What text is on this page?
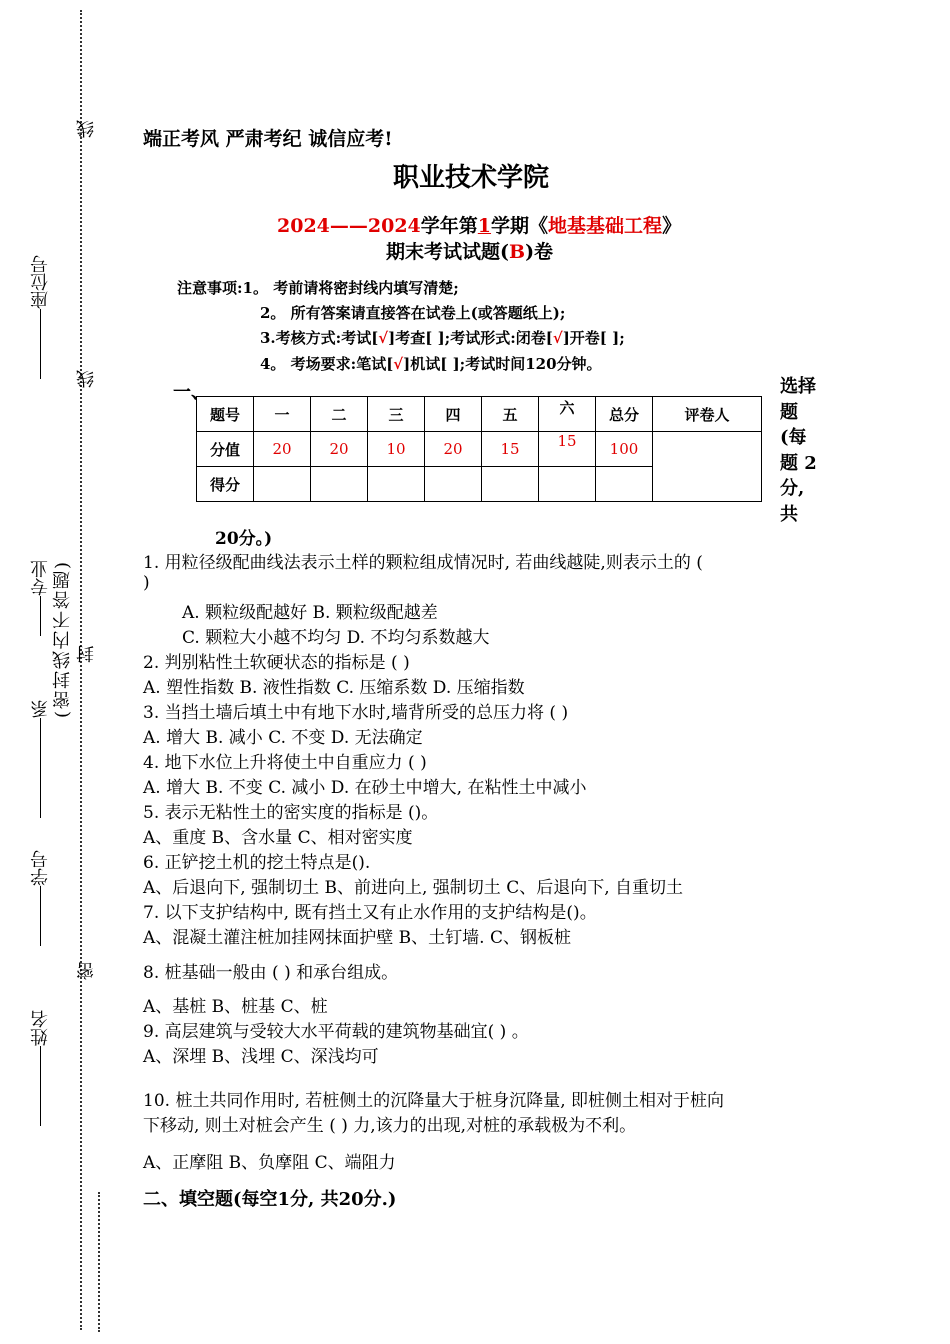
线
座位号
线
专业 (密封线内不答题) 封
系
学号
密
姓名
端正考风 严肃考纪 诚信应考!
职业技术学院
2024——2024学年第1学期《地基基础工程》
期末考试试题(B)卷
注意事项:1。 考前请将密封线内填写清楚;
2。 所有答案请直接答在试卷上(或答题纸上);
3.考核方式:考试[√]考查[ ];考试形式:闭卷[√]开卷[ ];
4。 考场要求:笔试[√]机试[ ];考试时间120分钟。
一、	选择
题
(每
题 2
分,
共
题号	一	二	三	四	五	六	总分	评卷人
分值	20	20	10	20	15	15	100	
得分								
20分。)
1. 用粒径级配曲线法表示土样的颗粒组成情况时, 若曲线越陡,则表示土的 (
)
A. 颗粒级配越好 B. 颗粒级配越差
C. 颗粒大小越不均匀 D. 不均匀系数越大
2. 判别粘性土软硬状态的指标是 ( )
A. 塑性指数 B. 液性指数 C. 压缩系数 D. 压缩指数
3. 当挡土墙后填土中有地下水时,墙背所受的总压力将 ( )
A. 增大 B. 减小 C. 不变 D. 无法确定
4. 地下水位上升将使土中自重应力 ( )
A. 增大 B. 不变 C. 减小 D. 在砂土中增大, 在粘性土中减小
5. 表示无粘性土的密实度的指标是 ()。
A、重度 B、含水量 C、相对密实度
6. 正铲挖土机的挖土特点是().
A、后退向下, 强制切土 B、前进向上, 强制切土 C、后退向下, 自重切土
7. 以下支护结构中, 既有挡土又有止水作用的支护结构是()。
A、混凝土灌注桩加挂网抹面护壁 B、土钉墙. C、钢板桩
8. 桩基础一般由 ( ) 和承台组成。
A、基桩 B、桩基 C、桩
9. 高层建筑与受较大水平荷载的建筑物基础宜( ) 。
A、深埋 B、浅埋 C、深浅均可
10. 桩土共同作用时, 若桩侧土的沉降量大于桩身沉降量, 即桩侧土相对于桩向
下移动, 则土对桩会产生 ( ) 力,该力的出现,对桩的承载极为不利。
A、正摩阻 B、负摩阻 C、端阻力
二、填空题(每空1分, 共20分.)
